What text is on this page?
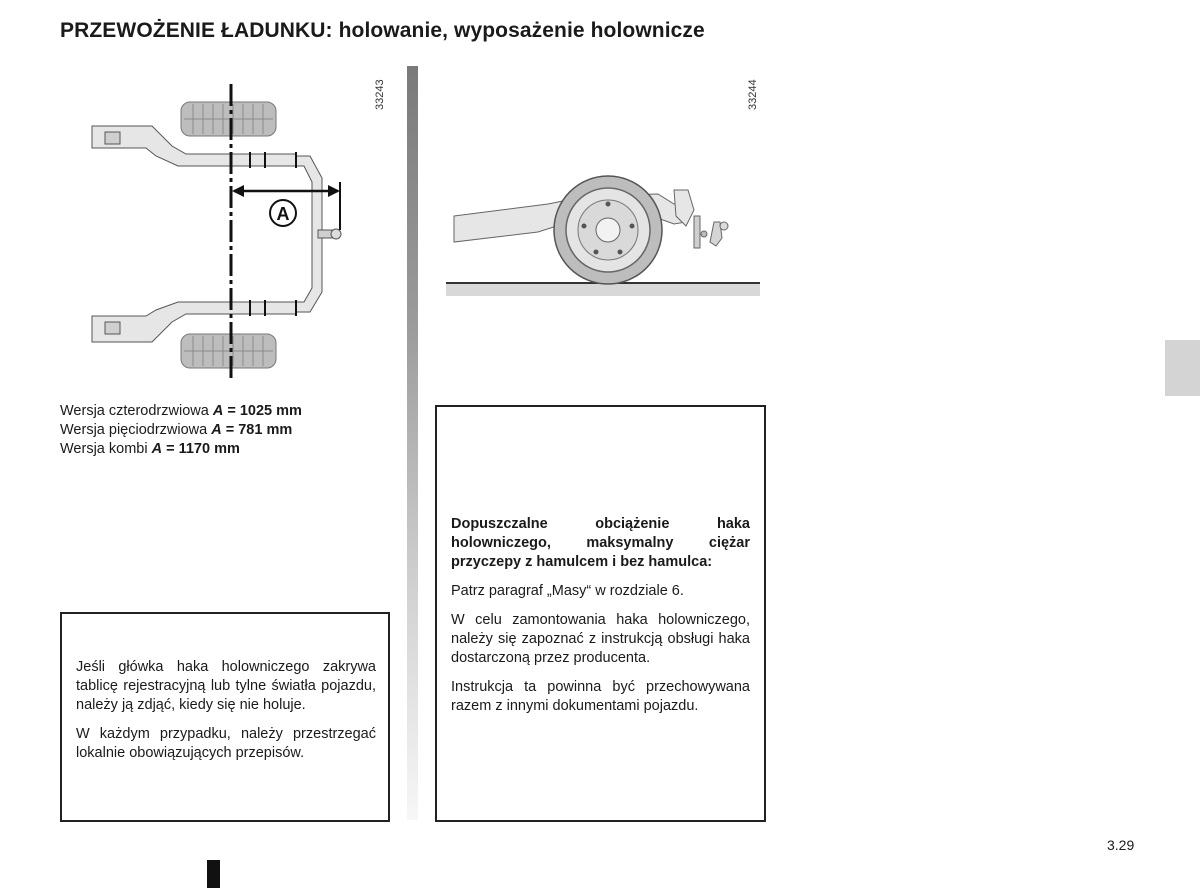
PRZEWOŻENIE ŁADUNKU: holowanie, wyposażenie holownicze
A
33243	33244
Wersja czterodrzwiowa A = 1025 mm
Wersja pięciodrzwiowa A = 781 mm
Wersja kombi A = 1170 mm

Jeśli główka haka holowniczego zakrywa tablicę rejestracyjną lub tylne światła pojazdu, należy ją zdjąć, kiedy się nie holuje.

W każdym przypadku, należy przestrzegać lokalnie obowiązujących przepisów.

Dopuszczalne obciążenie haka holowniczego, maksymalny ciężar przyczepy z hamulcem i bez hamulca:

Patrz paragraf „Masy“ w rozdziale 6.

W celu zamontowania haka holowniczego, należy się zapoznać z instrukcją obsługi haka dostarczoną przez producenta.

Instrukcja ta powinna być przechowywana razem z innymi dokumentami pojazdu.

3.29
